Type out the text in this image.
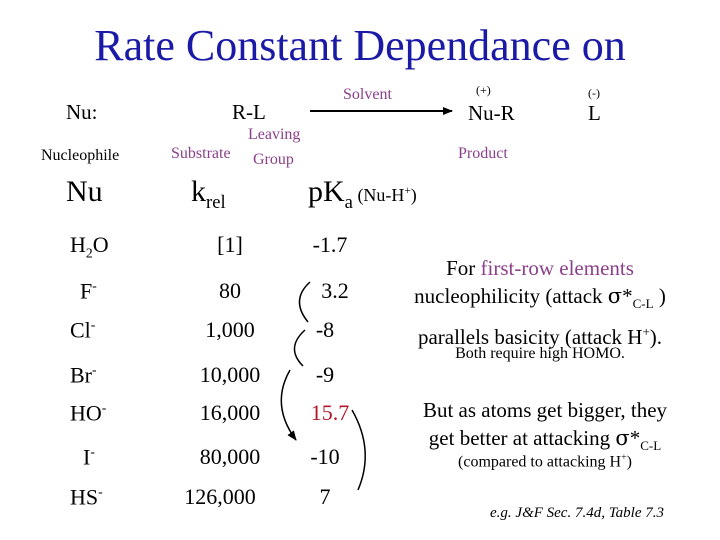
Rate Constant Dependance on
Nu:	R-L
Solvent	(+)
Nu-R
(-)
L
Nucleophile	Substrate
Leaving
Group	Product
Nu	$k_{rel}$	$pK_a$ (Nu-H+)
$H_2O$	[1]	-1.7
F-	80	3.2
Cl-	1,000	-8
Br-	10,000	-9
HO-	16,000	15.7
I-	80,000	-10
HS-	126,000	7
For first-row elements
nucleophilicity (attack $\sigma*_{C-L}$ )
parallels basicity (attack H+).
Both require high HOMO.
But as atoms get bigger, they
get better at attacking $\sigma*_{C-L}$
(compared to attacking H+)
e.g. J&F Sec. 7.4d, Table 7.3
